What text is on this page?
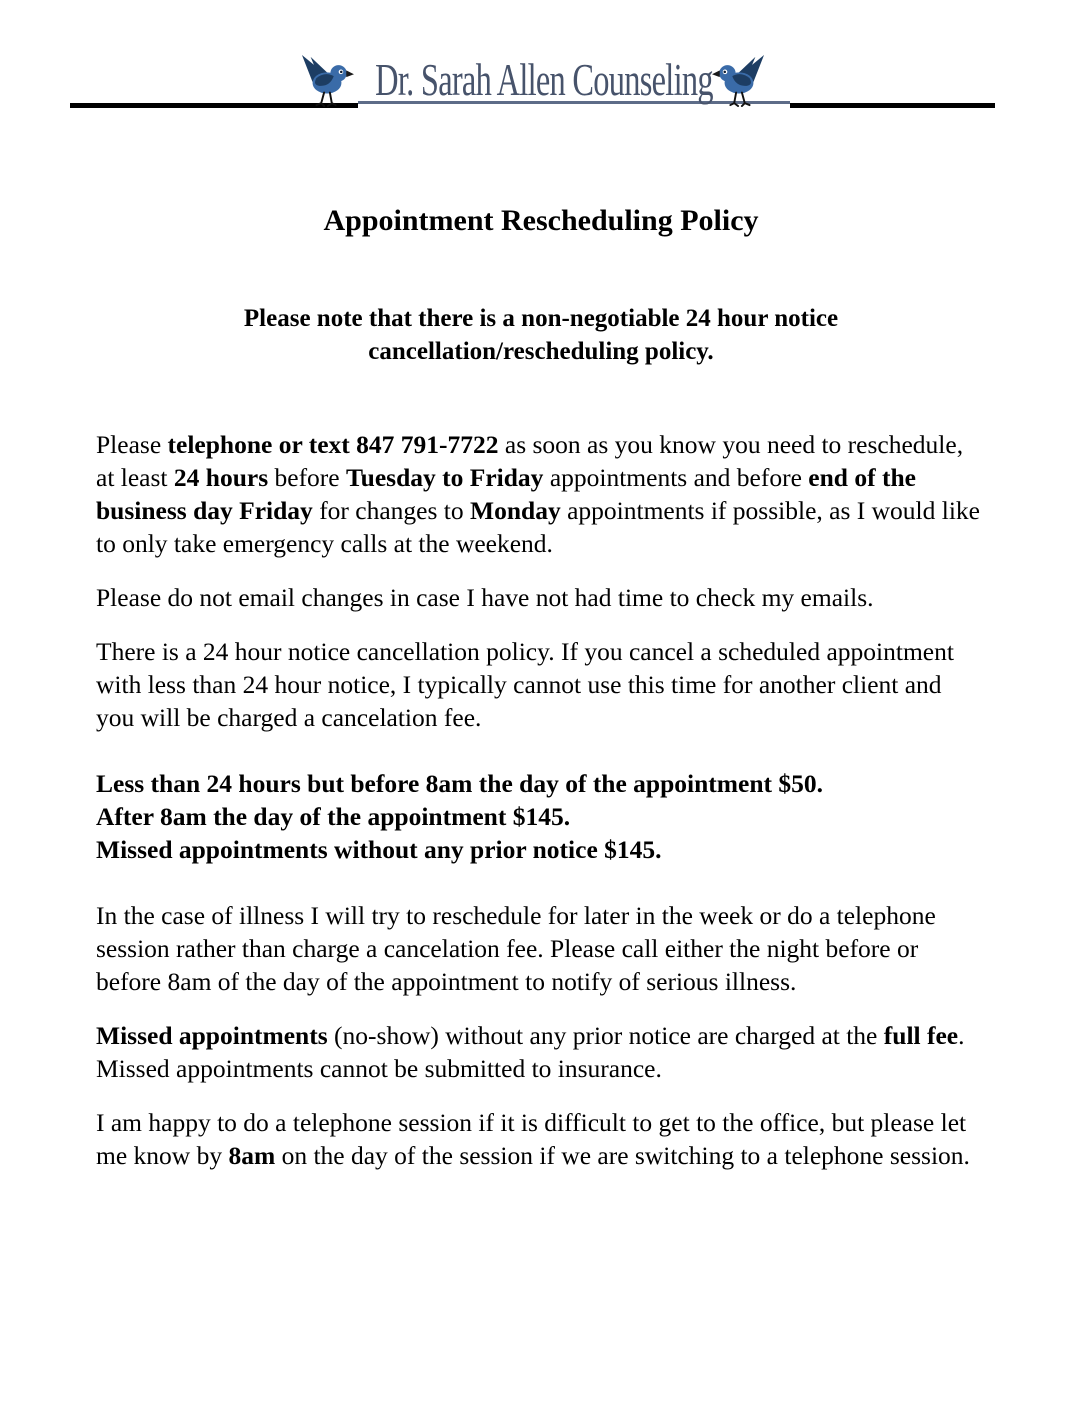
Dr. Sarah Allen Counseling
Appointment Rescheduling Policy

Please note that there is a non-negotiable 24 hour notice
cancellation/rescheduling policy.

Please telephone or text 847 791-7722 as soon as you know you need to reschedule, at least 24 hours before Tuesday to Friday appointments and before end of the business day Friday for changes to Monday appointments if possible, as I would like to only take emergency calls at the weekend.

Please do not email changes in case I have not had time to check my emails.

There is a 24 hour notice cancellation policy. If you cancel a scheduled appointment with less than 24 hour notice, I typically cannot use this time for another client and you will be charged a cancelation fee.

Less than 24 hours but before 8am the day of the appointment $50.
After 8am the day of the appointment $145.
Missed appointments without any prior notice $145.

In the case of illness I will try to reschedule for later in the week or do a telephone session rather than charge a cancelation fee. Please call either the night before or before 8am of the day of the appointment to notify of serious illness.

Missed appointments (no-show) without any prior notice are charged at the full fee. Missed appointments cannot be submitted to insurance.

I am happy to do a telephone session if it is difficult to get to the office, but please let me know by 8am on the day of the session if we are switching to a telephone session.
